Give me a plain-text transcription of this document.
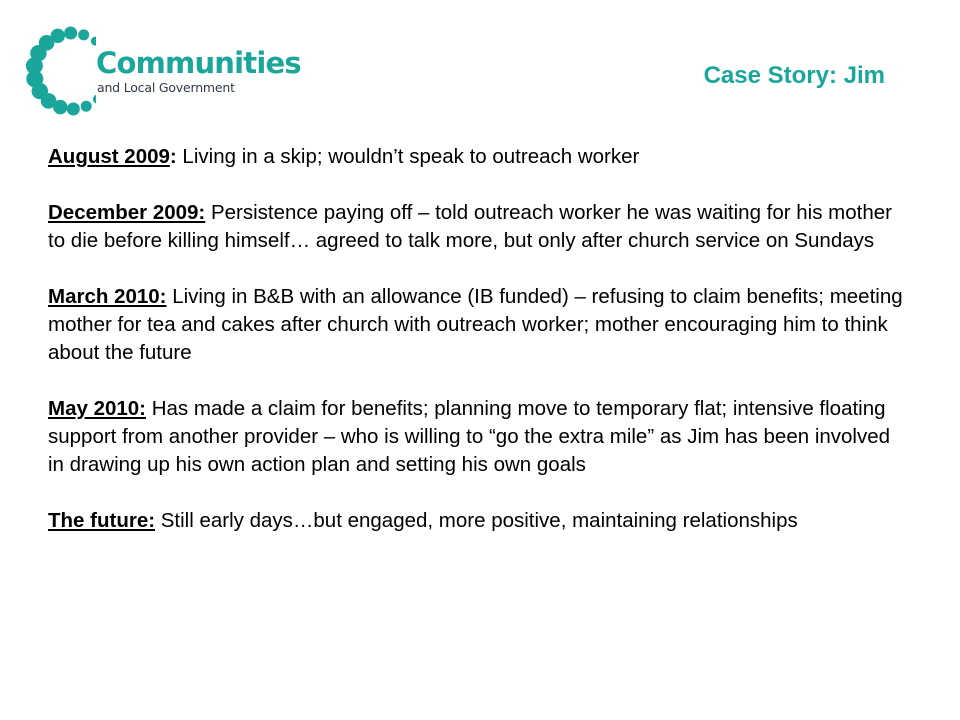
Communities
and Local Government	Case Story: Jim

August 2009: Living in a skip; wouldn’t speak to outreach worker

December 2009: Persistence paying off – told outreach worker he was waiting for his mother to die before killing himself… agreed to talk more, but only after church service on Sundays

March 2010: Living in B&B with an allowance (IB funded) – refusing to claim benefits; meeting mother for tea and cakes after church with outreach worker; mother encouraging him to think about the future

May 2010: Has made a claim for benefits; planning move to temporary flat; intensive floating support from another provider – who is willing to “go the extra mile” as Jim has been involved in drawing up his own action plan and setting his own goals

The future: Still early days…but engaged, more positive, maintaining relationships
